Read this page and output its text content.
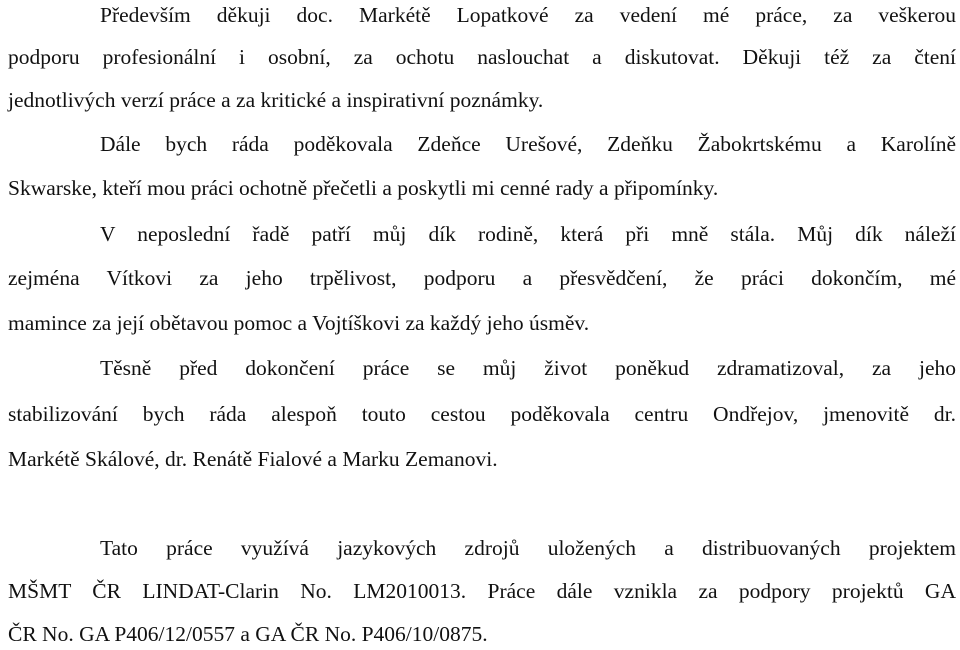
Především děkuji doc. Markétě Lopatkové za vedení mé práce, za veškerou
podporu profesionální i osobní, za ochotu naslouchat a diskutovat. Děkuji též za čtení
jednotlivých verzí práce a za kritické a inspirativní poznámky.
Dále bych ráda poděkovala Zdeňce Urešové, Zdeňku Žabokrtskému a Karolíně
Skwarske, kteří mou práci ochotně přečetli a poskytli mi cenné rady a připomínky.
V neposlední řadě patří můj dík rodině, která při mně stála. Můj dík náleží
zejména Vítkovi za jeho trpělivost, podporu a přesvědčení, že práci dokončím, mé
mamince za její obětavou pomoc a Vojtíškovi za každý jeho úsměv.
Těsně před dokončení práce se můj život poněkud zdramatizoval, za jeho
stabilizování bych ráda alespoň touto cestou poděkovala centru Ondřejov, jmenovitě dr.
Markétě Skálové, dr. Renátě Fialové a Marku Zemanovi.
Tato práce využívá jazykových zdrojů uložených a distribuovaných projektem
MŠMT ČR LINDAT-Clarin No. LM2010013. Práce dále vznikla za podpory projektů GA
ČR No. GA P406/12/0557 a GA ČR No. P406/10/0875.
